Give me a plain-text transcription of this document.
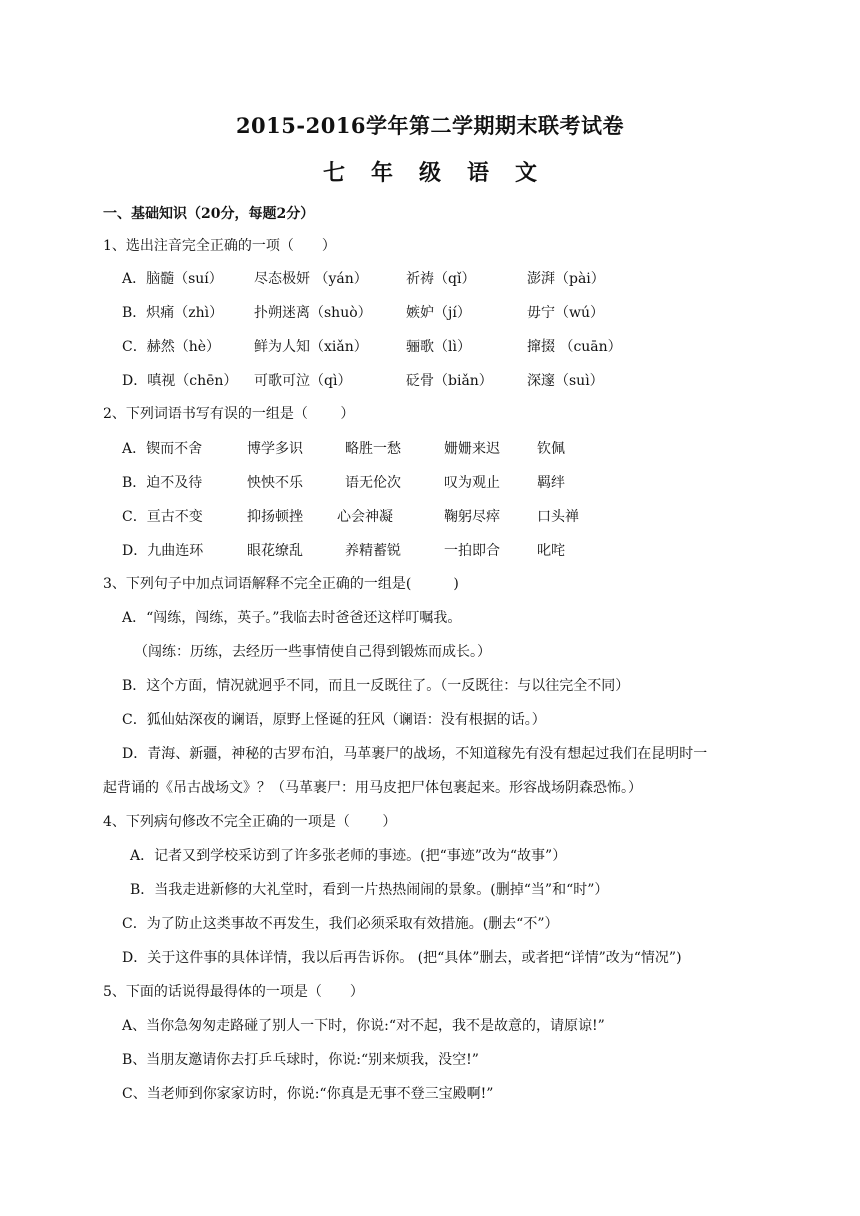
2015-2016学年第二学期期末联考试卷
七年级语文
一、基础知识（20分，每题2分）
1、选出注音完全正确的一项（　　）
A．脑髓（suí） 尽态极妍 （yán）	祈祷（qǐ）	澎湃（pài）
B．炽痛（zhì） 扑朔迷离（shuò） 嫉妒（jí）	毋宁（wú）
C．赫然（hè） 鲜为人知（xiǎn）	骊歌（lì）	撺掇 （cuān）
D．嗔视（chēn） 可歌可泣（qì）	砭骨（biǎn） 深邃（suì）
2、下列词语书写有误的一组是（　　 ）
A．锲而不舍	博学多识	略胜一愁	姗姗来迟	钦佩
B．迫不及待	怏怏不乐	语无伦次	叹为观止	羁绊
C．亘古不变	抑扬顿挫 心会神凝	鞠躬尽瘁	口头禅
D．九曲连环	眼花缭乱	养精蓄锐	一拍即合	叱咤
3、下列句子中加点词语解释不完全正确的一组是(　　　)
A．“闯练，闯练，英子。”我临去时爸爸还这样叮嘱我。
（闯练：历练，去经历一些事情使自己得到锻炼而成长。）
B．这个方面，情况就迥乎不同，而且一反既往了。（一反既往：与以往完全不同）
C．狐仙姑深夜的谰语，原野上怪诞的狂风（谰语：没有根据的话。）
D．青海、新疆，神秘的古罗布泊，马革裹尸的战场，不知道稼先有没有想起过我们在昆明时一
起背诵的《吊古战场文》？（马革裹尸：用马皮把尸体包裹起来。形容战场阴森恐怖。）
4、下列病句修改不完全正确的一项是（　　 ）
A．记者又到学校采访到了许多张老师的事迹。(把“事迹”改为“故事”）
B．当我走进新修的大礼堂时，看到一片热热闹闹的景象。(删掉“当”和“时”）
C．为了防止这类事故不再发生，我们必须采取有效措施。(删去“不”）
D．关于这件事的具体详情，我以后再告诉你。 (把“具体”删去，或者把“详情”改为“情况”)
5、下面的话说得最得体的一项是（　　）
A、当你急匆匆走路碰了别人一下时，你说:“对不起，我不是故意的，请原谅!”
B、当朋友邀请你去打乒乓球时，你说:“别来烦我，没空!”
C、当老师到你家家访时，你说:“你真是无事不登三宝殿啊!”
